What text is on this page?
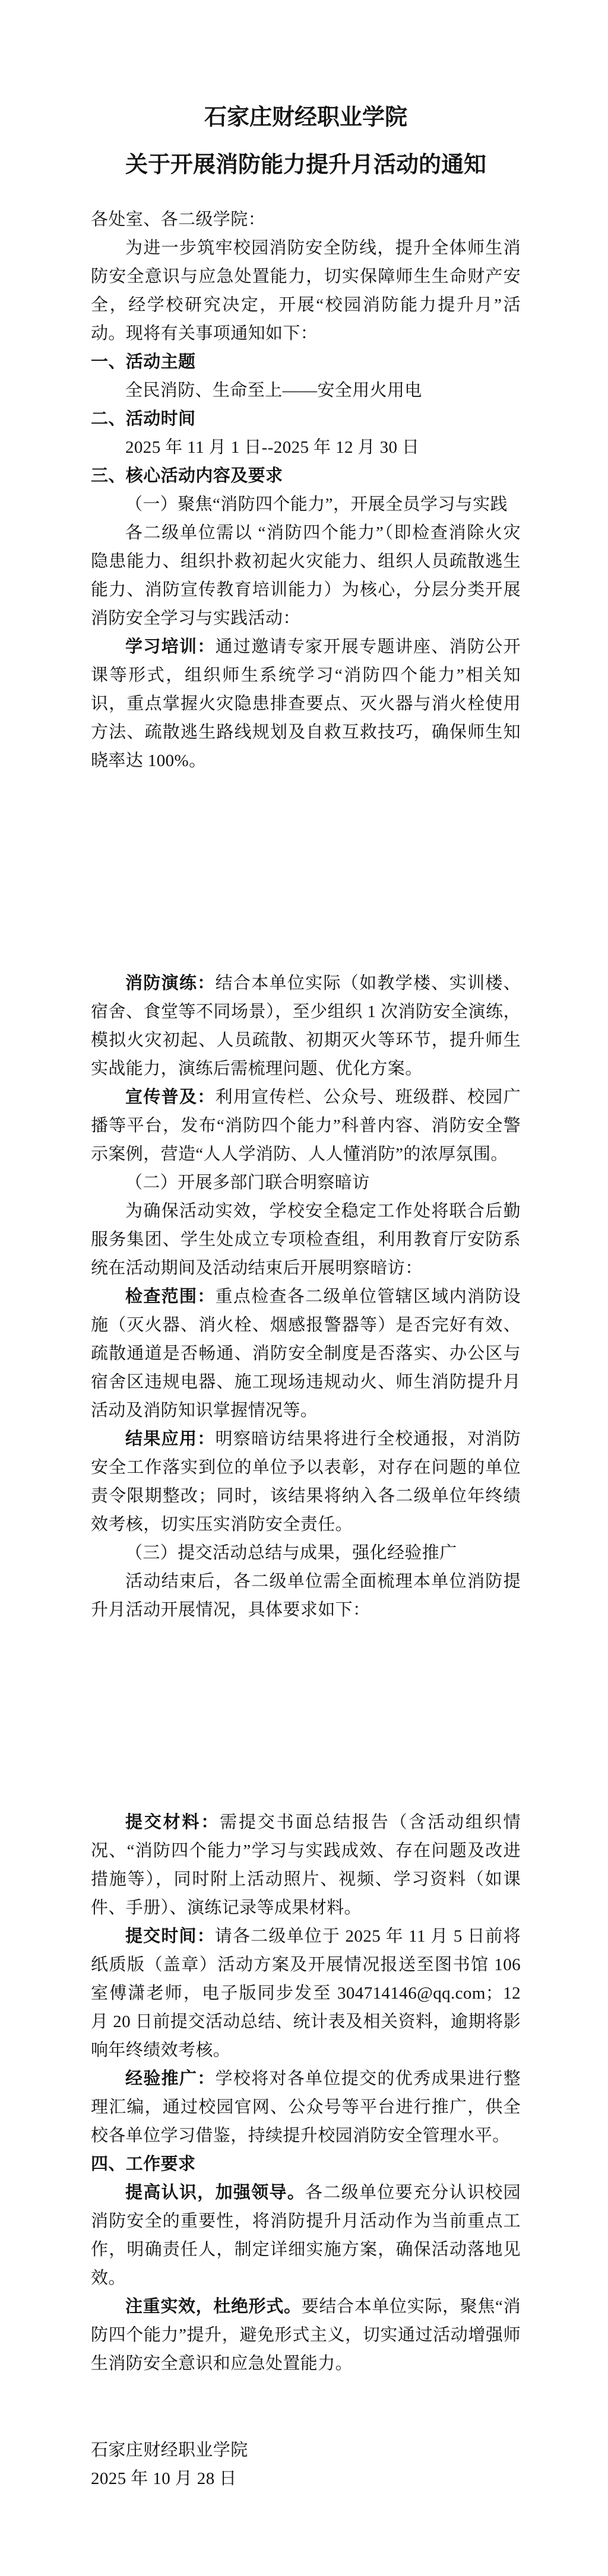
石家庄财经职业学院
关于开展消防能力提升月活动的通知

各处室、各二级学院：

为进一步筑牢校园消防安全防线，提升全体师生消防安全意识与应急处置能力，切实保障师生生命财产安全，经学校研究决定，开展“校园消防能力提升月”活动。现将有关事项通知如下：

一、活动主题

全民消防、生命至上——安全用火用电

二、活动时间

2025 年 11 月 1 日--2025 年 12 月 30 日

三、核心活动内容及要求

（一）聚焦“消防四个能力”，开展全员学习与实践

各二级单位需以 “消防四个能力”（即检查消除火灾隐患能力、组织扑救初起火灾能力、组织人员疏散逃生能力、消防宣传教育培训能力）为核心，分层分类开展消防安全学习与实践活动：

学习培训：通过邀请专家开展专题讲座、消防公开课等形式，组织师生系统学习“消防四个能力”相关知识，重点掌握火灾隐患排查要点、灭火器与消火栓使用方法、疏散逃生路线规划及自救互救技巧，确保师生知晓率达 100%。

消防演练：结合本单位实际（如教学楼、实训楼、宿舍、食堂等不同场景），至少组织 1 次消防安全演练，模拟火灾初起、人员疏散、初期灭火等环节，提升师生实战能力，演练后需梳理问题、优化方案。

宣传普及：利用宣传栏、公众号、班级群、校园广播等平台，发布“消防四个能力”科普内容、消防安全警示案例，营造“人人学消防、人人懂消防”的浓厚氛围。

（二）开展多部门联合明察暗访

为确保活动实效，学校安全稳定工作处将联合后勤服务集团、学生处成立专项检查组，利用教育厅安防系统在活动期间及活动结束后开展明察暗访：

检查范围：重点检查各二级单位管辖区域内消防设施（灭火器、消火栓、烟感报警器等）是否完好有效、疏散通道是否畅通、消防安全制度是否落实、办公区与宿舍区违规电器、施工现场违规动火、师生消防提升月活动及消防知识掌握情况等。

结果应用：明察暗访结果将进行全校通报，对消防安全工作落实到位的单位予以表彰，对存在问题的单位责令限期整改；同时，该结果将纳入各二级单位年终绩效考核，切实压实消防安全责任。

（三）提交活动总结与成果，强化经验推广

活动结束后，各二级单位需全面梳理本单位消防提升月活动开展情况，具体要求如下：

提交材料：需提交书面总结报告（含活动组织情况、“消防四个能力”学习与实践成效、存在问题及改进措施等），同时附上活动照片、视频、学习资料（如课件、手册）、演练记录等成果材料。

提交时间：请各二级单位于 2025 年 11 月 5 日前将纸质版（盖章）活动方案及开展情况报送至图书馆 106 室傅潇老师，电子版同步发至 304714146@qq.com；12 月 20 日前提交活动总结、统计表及相关资料，逾期将影响年终绩效考核。

经验推广：学校将对各单位提交的优秀成果进行整理汇编，通过校园官网、公众号等平台进行推广，供全校各单位学习借鉴，持续提升校园消防安全管理水平。

四、工作要求

提高认识，加强领导。各二级单位要充分认识校园消防安全的重要性，将消防提升月活动作为当前重点工作，明确责任人，制定详细实施方案，确保活动落地见效。

注重实效，杜绝形式。要结合本单位实际，聚焦“消防四个能力”提升，避免形式主义，切实通过活动增强师生消防安全意识和应急处置能力。

石家庄财经职业学院

2025 年 10 月 28 日
